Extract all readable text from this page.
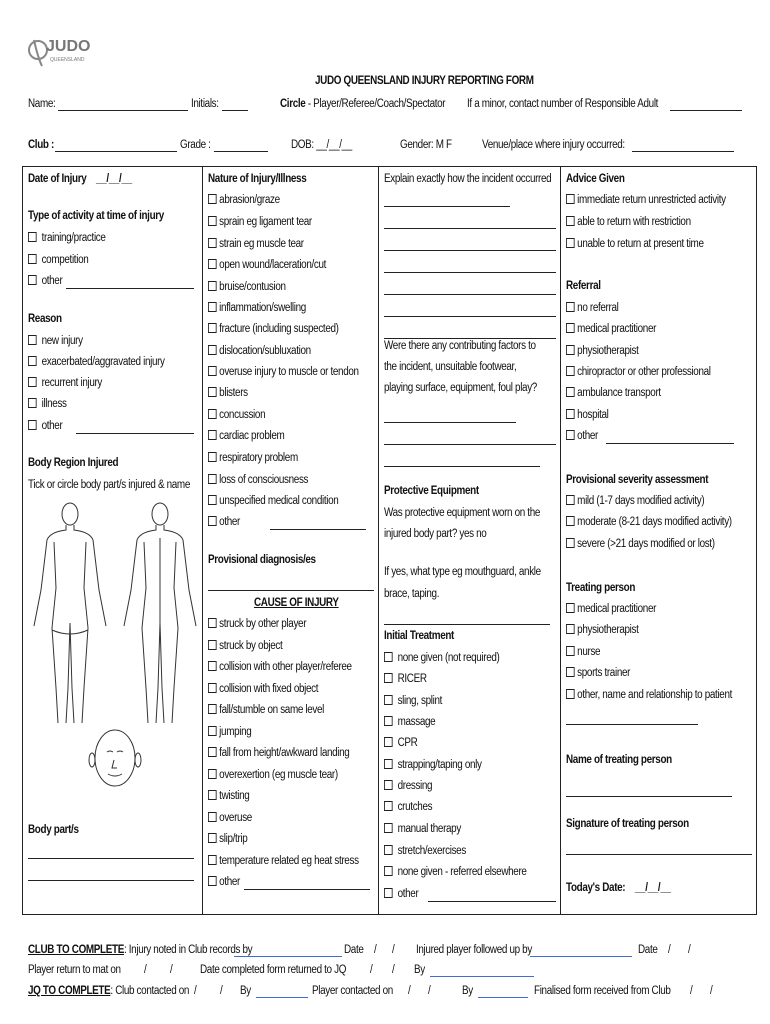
JUDO
QUEENSLAND
JUDO QUEENSLAND INJURY REPORTING FORM
Name:	Initials:	Circle - Player/Referee/Coach/Spectator If a minor, contact number of Responsible Adult
Club :	Grade :	DOB: __/__/__	Gender: M F	Venue/place where injury occurred:
Date of Injury __/__/__
Type of activity at time of injury
training/practice
competition
other
Reason
new injury
exacerbated/aggravated injury
recurrent injury
illness
other
Body Region Injured
Tick or circle body part/s injured & name
Body part/s
Nature of Injury/Illness
abrasion/graze
sprain eg ligament tear
strain eg muscle tear
open wound/laceration/cut
bruise/contusion
inflammation/swelling
fracture (including suspected)
dislocation/subluxation
overuse injury to muscle or tendon
blisters
concussion
cardiac problem
respiratory problem
loss of consciousness
unspecified medical condition
other
Provisional diagnosis/es
CAUSE OF INJURY
struck by other player
struck by object
collision with other player/referee
collision with fixed object
fall/stumble on same level
jumping
fall from height/awkward landing
overexertion (eg muscle tear)
twisting
overuse
slip/trip
temperature related eg heat stress
other
Explain exactly how the incident occurred
Were there any contributing factors to
the incident, unsuitable footwear,
playing surface, equipment, foul play?
Protective Equipment
Was protective equipment worn on the
injured body part? yes no
If yes, what type eg mouthguard, ankle
brace, taping.
Initial Treatment
none given (not required)
RICER
sling, splint
massage
CPR
strapping/taping only
dressing
crutches
manual therapy
stretch/exercises
none given - referred elsewhere
other
Advice Given
immediate return unrestricted activity
able to return with restriction
unable to return at present time
Referral
no referral
medical practitioner
physiotherapist
chiropractor or other professional
ambulance transport
hospital
other
Provisional severity assessment
mild (1-7 days modified activity)
moderate (8-21 days modified activity)
severe (>21 days modified or lost)
Treating person
medical practitioner
physiotherapist
nurse
sports trainer
other, name and relationship to patient
Name of treating person
Signature of treating person
Today's Date: __/__/__
CLUB TO COMPLETE: Injury noted in Club records by	Date / / Injured player followed up by	Date / /
Player return to mat on / / Date completed form returned to JQ / / By
JQ TO COMPLETE: Club contacted on / / By	Player contacted on / /	By	Finalised form received from Club / /
